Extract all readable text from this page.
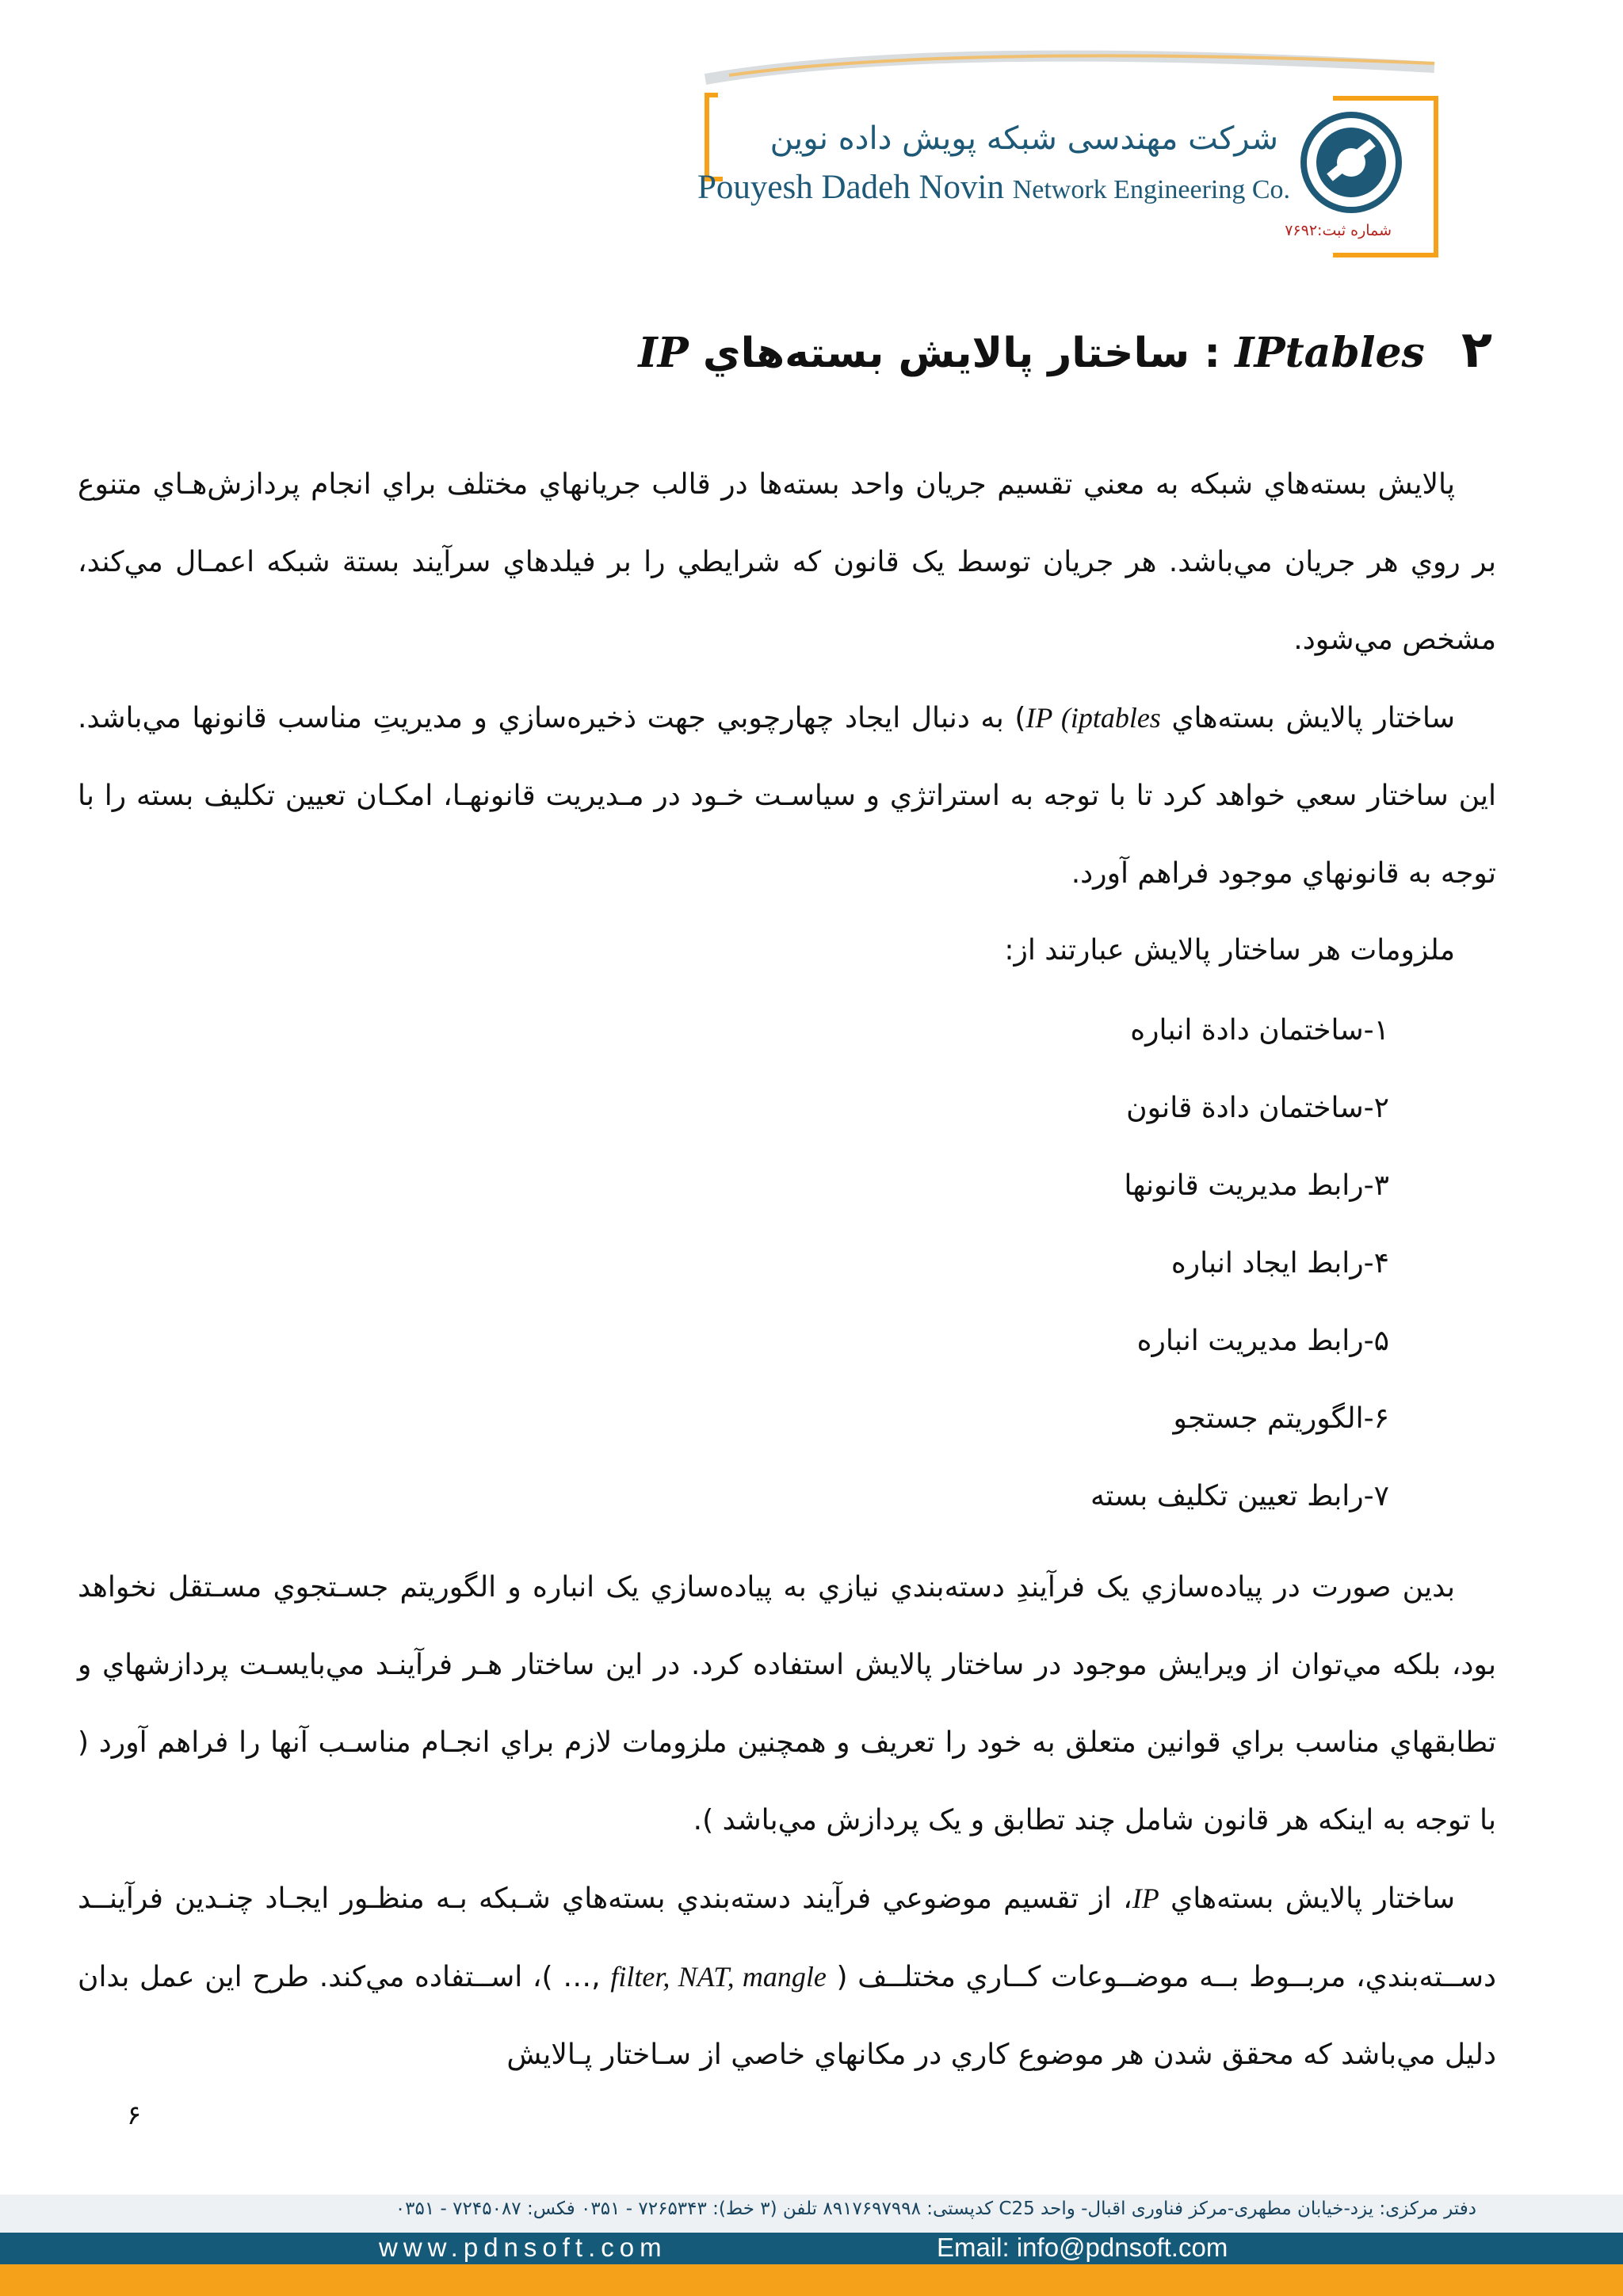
شرکت مهندسی شبکه پویش داده نوین
Pouyesh Dadeh Novin Network Engineering Co.
شماره ثبت:۷۶۹۲
۲ IPtables : ساختار پالایش بسته‌هاي IP
پالايش بسته‌هاي شبكه به معني تقسيم جريان واحد بسته‌ها در قالب جريانهاي مختلف براي انجام پردازش‌هـاي متنوع بر روي هر جريان مي‌باشد. هر جريان توسط يک قانون كه شرايطي را بر فيلدهاي سرآيند بستة شبكه اعمـال مي‌كند، مشخص مي‌شود.
ساختار پالايش بسته‌هاي IP (iptables) به دنبال ايجاد چهارچوبي جهت ذخيره‌سازي و مديريتِ مناسب قانونها مي‌باشد. اين ساختار سعي خواهد كرد تا با توجه به استراتژي و سياسـت خـود در مـديريت قانونهـا، امكـان تعيين تكليف بسته را با توجه به قانونهاي موجود فراهم آورد.
ملزومات هر ساختار پالايش عبارتند از:
۱-ساختمان دادة انباره
۲-ساختمان دادة قانون
۳-رابط مديريت قانونها
۴-رابط ايجاد انباره
۵-رابط مديريت انباره
۶-الگوريتم جستجو
۷-رابط تعيين تكليف بسته
بدين صورت در پياده‌سازي يک فرآيندِ دسته‌بندي نيازي به پياده‌سازي يک انباره و الگوريتم جسـتجوي مسـتقل نخواهد بود، بلكه مي‌توان از ويرايش موجود در ساختار پالايش استفاده كرد. در اين ساختار هـر فرآينـد مي‌بايسـت پردازشهاي و تطابقهاي مناسب براي قوانين متعلق به خود را تعريف و همچنين ملزومات لازم براي انجـام مناسـب آنها را فراهم آورد ( با توجه به اينكه هر قانون شامل چند تطابق و يک پردازش مي‌باشد ).
ساختار پالايش بسته‌هاي IP، از تقسيم موضوعي فرآيند دسته‌بندي بسته‌هاي شـبكه بـه منظـور ايجـاد چنـدين فرآينــد دســته‌بندي، مربــوط بــه موضــوعات كــاري مختلــف ( filter, NAT, mangle ,… )، اســتفاده مي‌كند. طرح اين عمل بدان دليل مي‌باشد كه محقق شدن هر موضوع كاري در مكانهاي خاصي از سـاختار پـالايش
۶
دفتر مرکزی: یزد-خیابان مطهری-مرکز فناوری اقبال- واحد C25 کدپستی: ۸۹۱۷۶۹۷۹۹۸ تلفن (۳ خط): ۷۲۶۵۳۴۳ - ۰۳۵۱ فکس: ۷۲۴۵۰۸۷ - ۰۳۵۱
www.pdnsoft.com	Email: info@pdnsoft.com
